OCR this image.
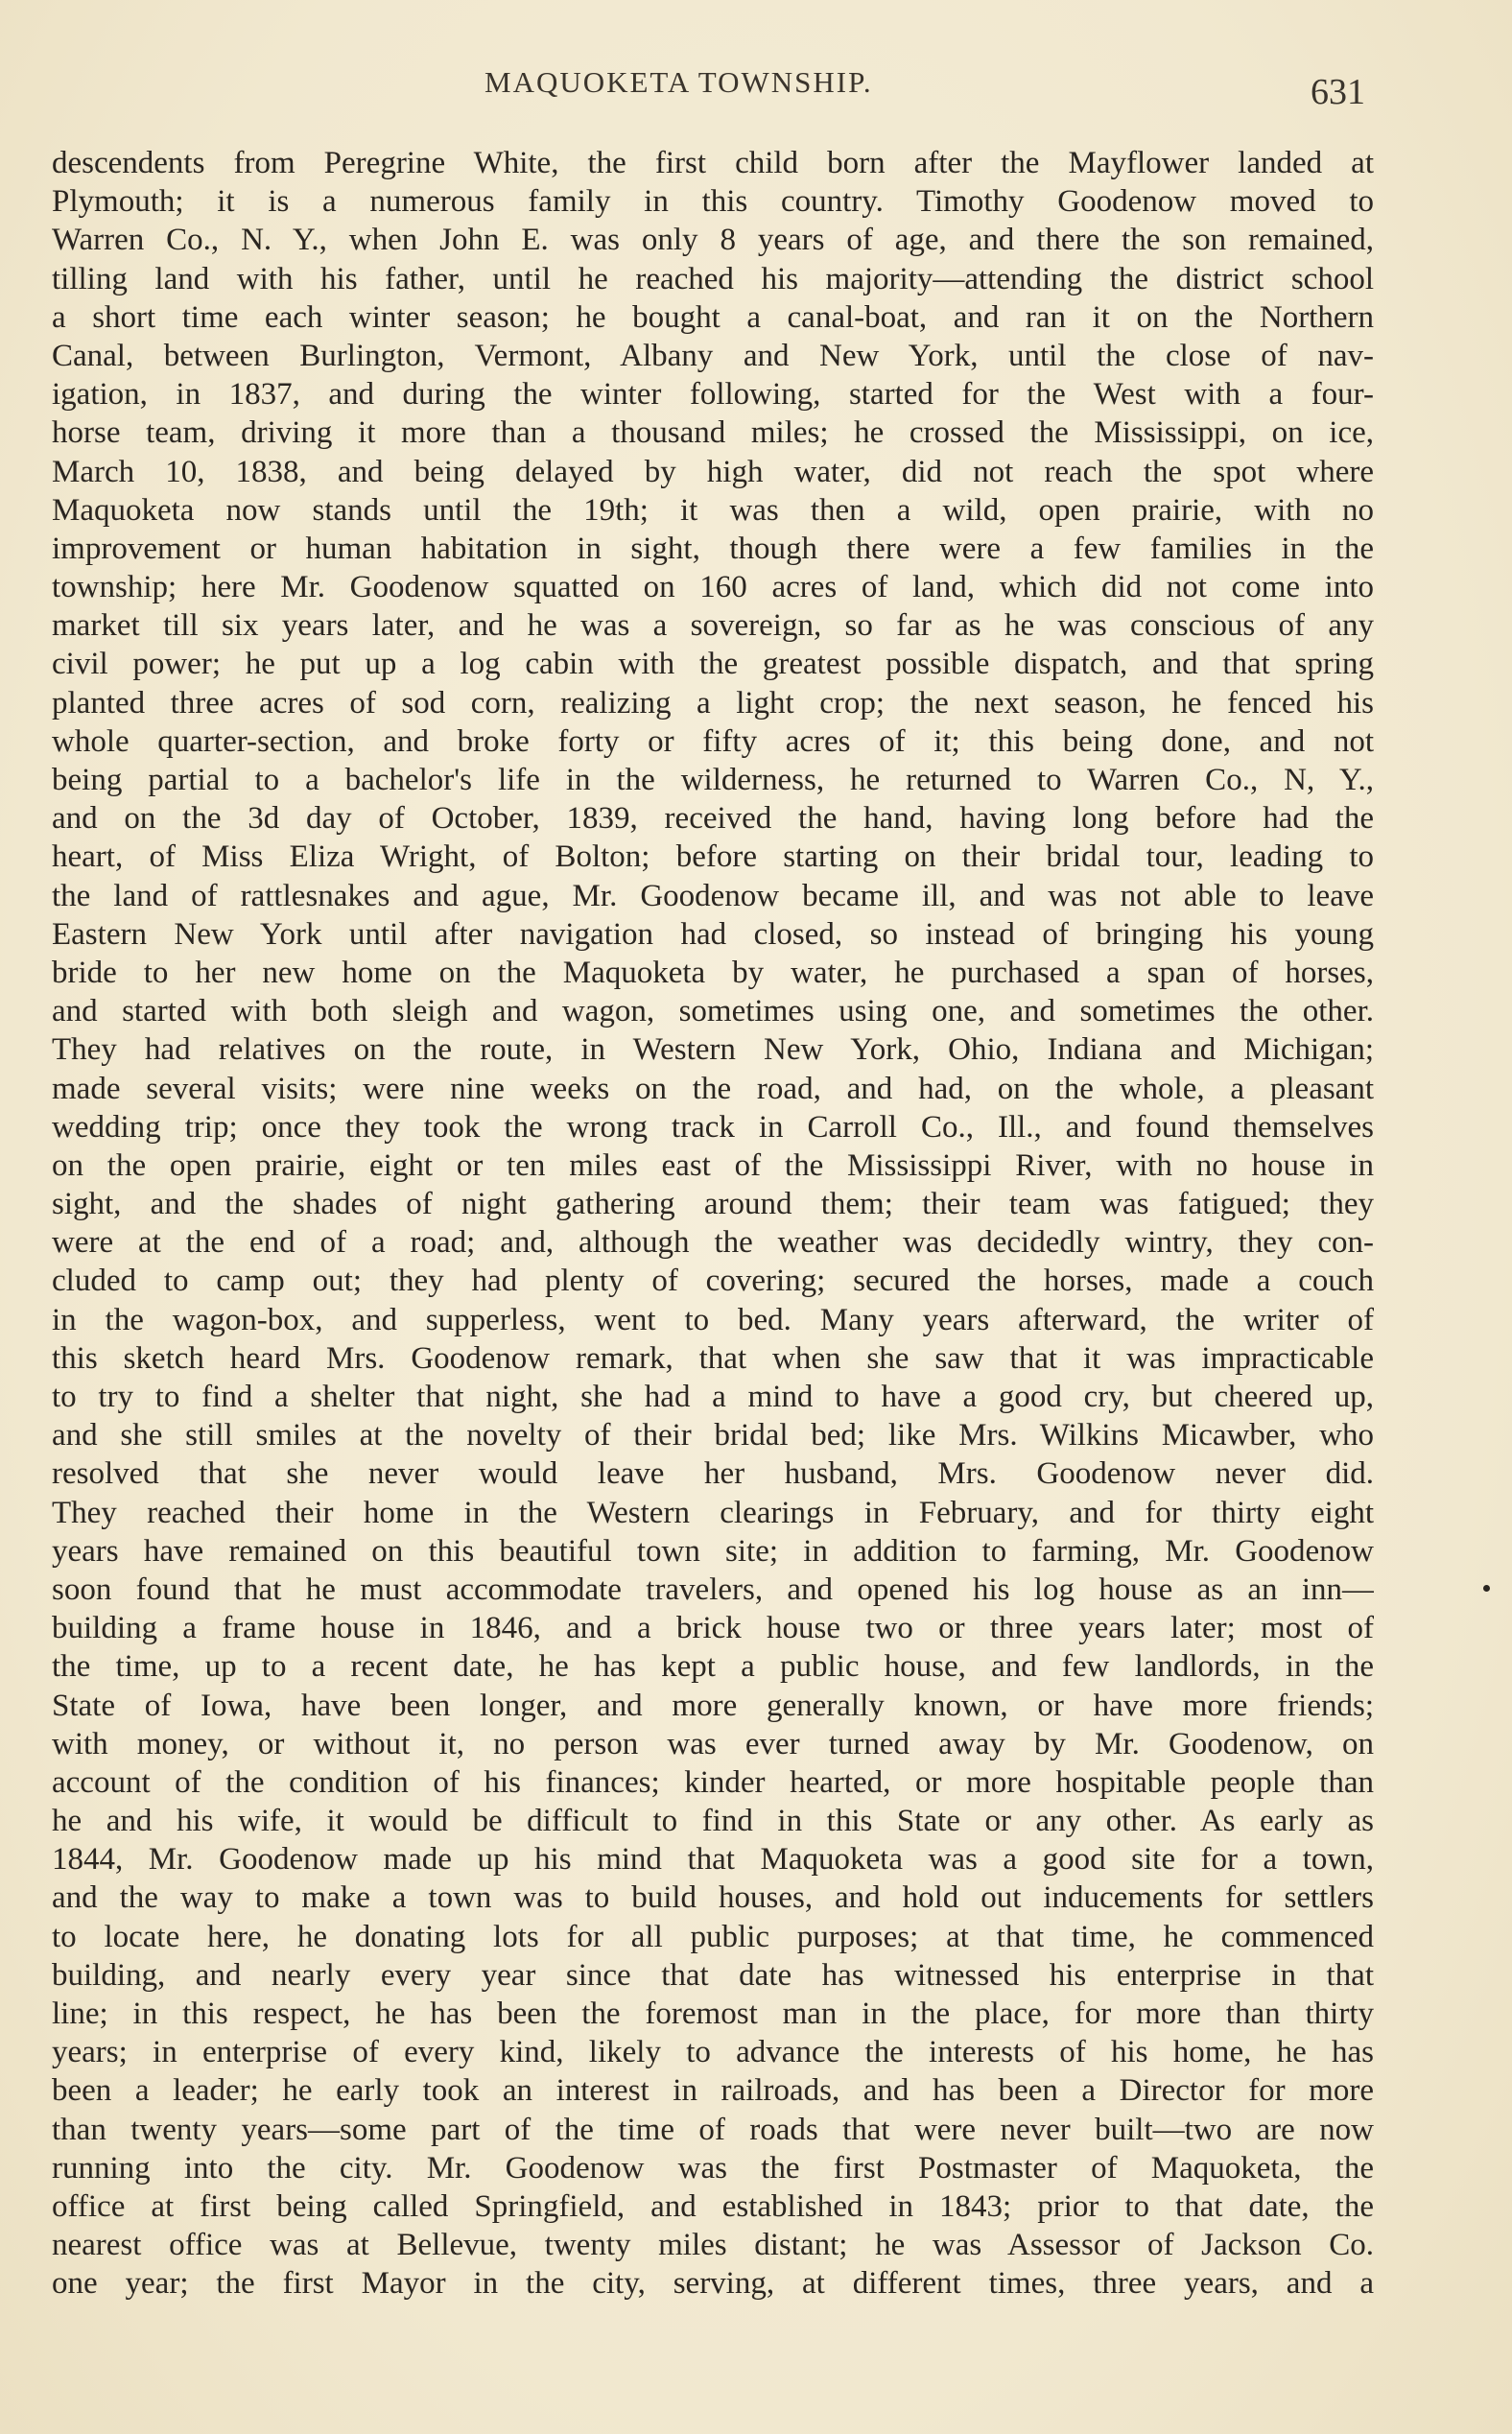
MAQUOKETA TOWNSHIP.	631
descendents from Peregrine White, the first child born after the Mayflower landed at
Plymouth; it is a numerous family in this country. Timothy Goodenow moved to
Warren Co., N. Y., when John E. was only 8 years of age, and there the son remained,
tilling land with his father, until he reached his majority—attending the district school
a short time each winter season; he bought a canal-boat, and ran it on the Northern
Canal, between Burlington, Vermont, Albany and New York, until the close of nav-
igation, in 1837, and during the winter following, started for the West with a four-
horse team, driving it more than a thousand miles; he crossed the Mississippi, on ice,
March 10, 1838, and being delayed by high water, did not reach the spot where
Maquoketa now stands until the 19th; it was then a wild, open prairie, with no
improvement or human habitation in sight, though there were a few families in the
township; here Mr. Goodenow squatted on 160 acres of land, which did not come into
market till six years later, and he was a sovereign, so far as he was conscious of any
civil power; he put up a log cabin with the greatest possible dispatch, and that spring
planted three acres of sod corn, realizing a light crop; the next season, he fenced his
whole quarter-section, and broke forty or fifty acres of it; this being done, and not
being partial to a bachelor's life in the wilderness, he returned to Warren Co., N, Y.,
and on the 3d day of October, 1839, received the hand, having long before had the
heart, of Miss Eliza Wright, of Bolton; before starting on their bridal tour, leading to
the land of rattlesnakes and ague, Mr. Goodenow became ill, and was not able to leave
Eastern New York until after navigation had closed, so instead of bringing his young
bride to her new home on the Maquoketa by water, he purchased a span of horses,
and started with both sleigh and wagon, sometimes using one, and sometimes the other.
They had relatives on the route, in Western New York, Ohio, Indiana and Michigan;
made several visits; were nine weeks on the road, and had, on the whole, a pleasant
wedding trip; once they took the wrong track in Carroll Co., Ill., and found themselves
on the open prairie, eight or ten miles east of the Mississippi River, with no house in
sight, and the shades of night gathering around them; their team was fatigued; they
were at the end of a road; and, although the weather was decidedly wintry, they con-
cluded to camp out; they had plenty of covering; secured the horses, made a couch
in the wagon-box, and supperless, went to bed. Many years afterward, the writer of
this sketch heard Mrs. Goodenow remark, that when she saw that it was impracticable
to try to find a shelter that night, she had a mind to have a good cry, but cheered up,
and she still smiles at the novelty of their bridal bed; like Mrs. Wilkins Micawber, who
resolved that she never would leave her husband, Mrs. Goodenow never did.
They reached their home in the Western clearings in February, and for thirty eight
years have remained on this beautiful town site; in addition to farming, Mr. Goodenow
soon found that he must accommodate travelers, and opened his log house as an inn—
building a frame house in 1846, and a brick house two or three years later; most of
the time, up to a recent date, he has kept a public house, and few landlords, in the
State of Iowa, have been longer, and more generally known, or have more friends;
with money, or without it, no person was ever turned away by Mr. Goodenow, on
account of the condition of his finances; kinder hearted, or more hospitable people than
he and his wife, it would be difficult to find in this State or any other. As early as
1844, Mr. Goodenow made up his mind that Maquoketa was a good site for a town,
and the way to make a town was to build houses, and hold out inducements for settlers
to locate here, he donating lots for all public purposes; at that time, he commenced
building, and nearly every year since that date has witnessed his enterprise in that
line; in this respect, he has been the foremost man in the place, for more than thirty
years; in enterprise of every kind, likely to advance the interests of his home, he has
been a leader; he early took an interest in railroads, and has been a Director for more
than twenty years—some part of the time of roads that were never built—two are now
running into the city. Mr. Goodenow was the first Postmaster of Maquoketa, the
office at first being called Springfield, and established in 1843; prior to that date, the
nearest office was at Bellevue, twenty miles distant; he was Assessor of Jackson Co.
one year; the first Mayor in the city, serving, at different times, three years, and a
